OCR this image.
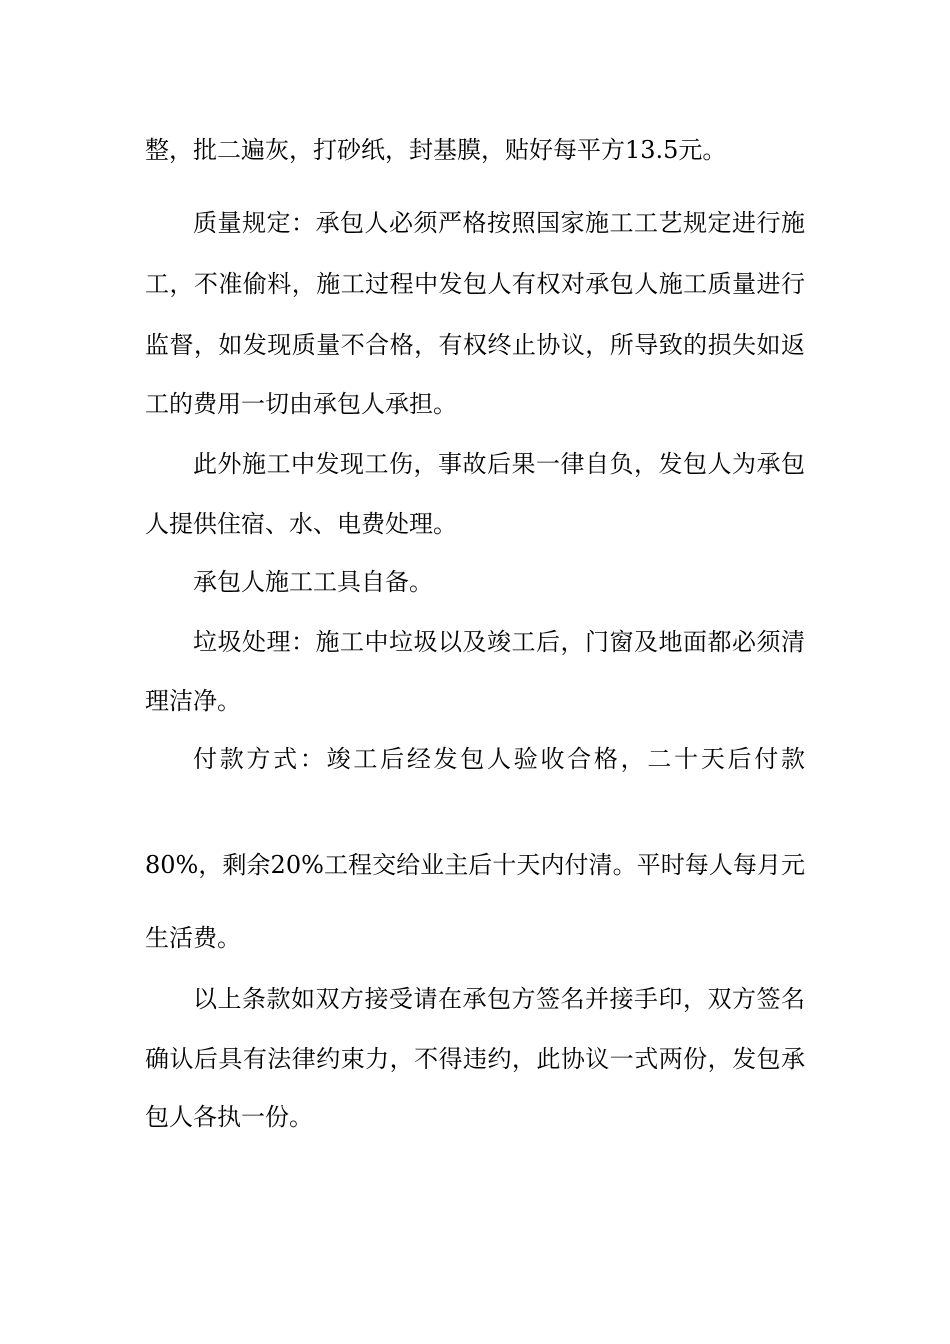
整，批二遍灰，打砂纸，封基膜，贴好每平方13.5元。
质量规定：承包人必须严格按照国家施工工艺规定进行施
工，不准偷料，施工过程中发包人有权对承包人施工质量进行
监督，如发现质量不合格，有权终止协议，所导致的损失如返
工的费用一切由承包人承担。
此外施工中发现工伤，事故后果一律自负，发包人为承包
人提供住宿、水、电费处理。
承包人施工工具自备。
垃圾处理：施工中垃圾以及竣工后，门窗及地面都必须清
理洁净。
付款方式：竣工后经发包人验收合格，二十天后付款
80%，剩余20%工程交给业主后十天内付清。平时每人每月元
生活费。
以上条款如双方接受请在承包方签名并接手印，双方签名
确认后具有法律约束力，不得违约，此协议一式两份，发包承
包人各执一份。
